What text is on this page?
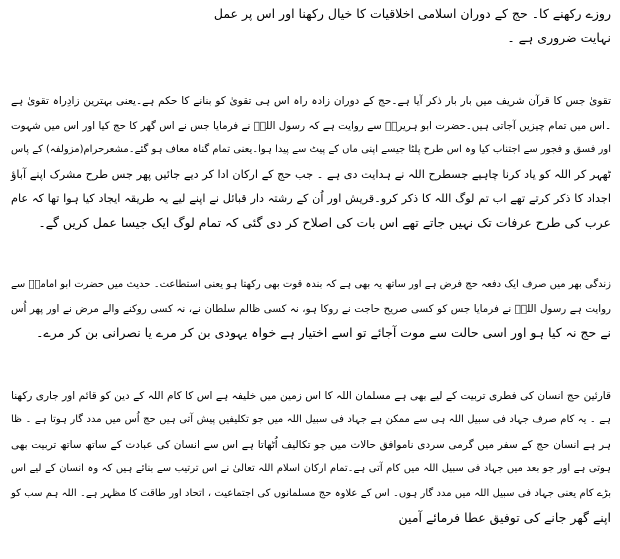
روزے رکھنے کا۔ حج کے دوران اسلامی اخلاقیات کا خیال رکھنا اور اس پر عمل
نہایت ضروری ہے ۔
تقویٰ جس کا قرآن شریف میں بار بار ذکر آیا ہے۔حج کے دوران زادہ راہ اس ہی تقویٰ کو بنانے کا حکم ہے۔یعنی بہترین زادِراہ تقویٰ ہے
۔اس میں تمام چیزیں آجاتی ہیں۔حضرت ابو ہریرہؓ سے روایت ہے کہ رسول اللہؐ نے فرمایا جس نے اس گھر کا حج کیا اور اس میں شہوت
اور فسق و فجور سے اجتناب کیا وہ اس طرح پلٹا جیسے اپنی ماں کے پیٹ سے پیدا ہوا۔یعنی تمام گناہ معاف ہو گئے۔مشعرحرام(مزولفہ) کے پاس
ٹھہر کر اللہ کو یاد کرنا چاہیے جسطرح اللہ نے ہدایت دی ہے ۔ جب حج کے ارکان ادا کر دیے جائیں پھر جس طرح مشرک اپنے آباؤ
اجداد کا ذکر کرتے تھے اب تم لوگ اللہ کا ذکر کرو۔قریش اور اُن کے رشتہ دار قبائل نے اپنے لیے یہ طریقہ ایجاد کیا ہوا تھا کہ عام
عرب کی طرح عرفات تک نہیں جاتے تھے اس بات کی اصلاح کر دی گئی کہ تمام لوگ ایک جیسا عمل کریں گے۔
زندگی بھر میں صرف ایک دفعہ حج فرض ہے اور ساتھ یہ بھی ہے کہ بندہ قوت بھی رکھتا ہو یعنی استطاعت۔ حدیث میں حضرت ابو امامہؓ سے
روایت ہے رسول اللہؐ نے فرمایا جس کو کسی صریح حاجت نے روکا ہو، نہ کسی ظالم سلطان نے، نہ کسی روکنے والے مرض نے اور پھر اُس
نے حج نہ کیا ہو اور اسی حالت سے موت آجائے تو اسے اختیار ہے خواہ یہودی بن کر مرے یا نصرانی بن کر مرے۔
قارئین حج انسان کی فطری تربیت کے لیے بھی ہے مسلمان اللہ کا اس زمین میں خلیفہ ہے اس کا کام اللہ کے دین کو قائم اور جاری رکھنا
ہے ۔ یہ کام صرف جہاد فی سبیل اللہ ہی سے ممکن ہے جہاد فی سبیل اللہ میں جو تکلیفیں پیش آتی ہیں حج اُس میں مدد گار ہوتا ہے ۔ ظا
ہر ہے انسان حج کے سفر میں گرمی سردی ناموافق حالات میں جو تکالیف اُٹھاتا ہے اس سے انسان کی عبادت کے ساتھ ساتھ تربیت بھی
ہوتی ہے اور جو بعد میں جہاد فی سبیل اللہ میں کام آتی ہے۔تمام ارکان اسلام اللہ تعالیٰ نے اس ترتیب سے بنائے ہیں کہ وہ انسان کے لیے اس
بڑے کام یعنی جہاد فی سبیل اللہ میں مدد گار ہوں۔ اس کے علاوہ حج مسلمانوں کی اجتماعیت ، اتحاد اور طاقت کا مظہر ہے۔ اللہ ہم سب کو
اپنے گھر جانے کی توفیق عطا فرمائے آمین
